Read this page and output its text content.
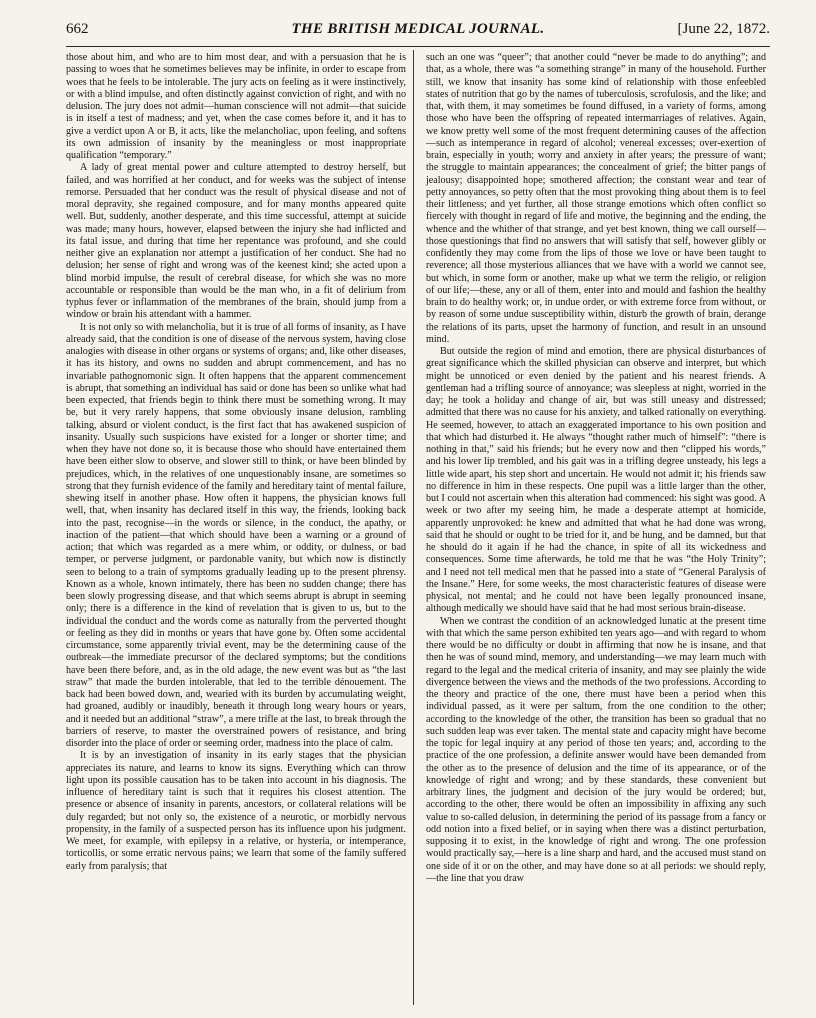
662	THE BRITISH MEDICAL JOURNAL.	[June 22, 1872.

those about him, and who are to him most dear, and with a persuasion that he is passing to woes that he sometimes believes may be infinite, in order to escape from woes that he feels to be intolerable. The jury acts on feeling as it were instinctively, or with a blind impulse, and often distinctly against conviction of right, and with no delusion. The jury does not admit—human conscience will not admit—that suicide is in itself a test of madness; and yet, when the case comes before it, and it has to give a verdict upon A or B, it acts, like the melancholiac, upon feeling, and softens its own admission of insanity by the meaningless or most inappropriate qualification “temporary.”

A lady of great mental power and culture attempted to destroy herself, but failed, and was horrified at her conduct, and for weeks was the subject of intense remorse. Persuaded that her conduct was the result of physical disease and not of moral depravity, she regained composure, and for many months appeared quite well. But, suddenly, another desperate, and this time successful, attempt at suicide was made; many hours, however, elapsed between the injury she had inflicted and its fatal issue, and during that time her repentance was profound, and she could neither give an explanation nor attempt a justification of her conduct. She had no delusion; her sense of right and wrong was of the keenest kind; she acted upon a blind morbid impulse, the result of cerebral disease, for which she was no more accountable or responsible than would be the man who, in a fit of delirium from typhus fever or inflammation of the membranes of the brain, should jump from a window or brain his attendant with a hammer.

It is not only so with melancholia, but it is true of all forms of insanity, as I have already said, that the condition is one of disease of the nervous system, having close analogies with disease in other organs or systems of organs; and, like other diseases, it has its history, and owns no sudden and abrupt commencement, and has no invariable pathognomonic sign. It often happens that the apparent commencement is abrupt, that something an individual has said or done has been so unlike what had been expected, that friends begin to think there must be something wrong. It may be, but it very rarely happens, that some obviously insane delusion, rambling talking, absurd or violent conduct, is the first fact that has awakened suspicion of insanity. Usually such suspicions have existed for a longer or shorter time; and when they have not done so, it is because those who should have entertained them have been either slow to observe, and slower still to think, or have been blinded by prejudices, which, in the relatives of one unquestionably insane, are sometimes so strong that they furnish evidence of the family and hereditary taint of mental failure, shewing itself in another phase. How often it happens, the physician knows full well, that, when insanity has declared itself in this way, the friends, looking back into the past, recognise—in the words or silence, in the conduct, the apathy, or inaction of the patient—that which should have been a warning or a ground of action; that which was regarded as a mere whim, or oddity, or dulness, or bad temper, or perverse judgment, or pardonable vanity, but which now is distinctly seen to belong to a train of symptoms gradually leading up to the present phrensy. Known as a whole, known intimately, there has been no sudden change; there has been slowly progressing disease, and that which seems abrupt is abrupt in seeming only; there is a difference in the kind of revelation that is given to us, but to the individual the conduct and the words come as naturally from the perverted thought or feeling as they did in months or years that have gone by. Often some accidental circumstance, some apparently trivial event, may be the determining cause of the outbreak—the immediate precursor of the declared symptoms; but the conditions have been there before, and, as in the old adage, the new event was but as “the last straw” that made the burden intolerable, that led to the terrible dénouement. The back had been bowed down, and, wearied with its burden by accumulating weight, had groaned, audibly or inaudibly, beneath it through long weary hours or years, and it needed but an additional “straw”, a mere trifle at the last, to break through the barriers of reserve, to master the overstrained powers of resistance, and bring disorder into the place of order or seeming order, madness into the place of calm.

It is by an investigation of insanity in its early stages that the physician appreciates its nature, and learns to know its signs. Everything which can throw light upon its possible causation has to be taken into account in his diagnosis. The influence of hereditary taint is such that it requires his closest attention. The presence or absence of insanity in parents, ancestors, or collateral relations will be duly regarded; but not only so, the existence of a neurotic, or morbidly nervous propensity, in the family of a suspected person has its influence upon his judgment. We meet, for example, with epilepsy in a relative, or hysteria, or intemperance, torticollis, or some erratic nervous pains; we learn that some of the family suffered early from paralysis; that

such an one was “queer”; that another could “never be made to do anything”; and that, as a whole, there was “a something strange” in many of the household. Further still, we know that insanity has some kind of relationship with those enfeebled states of nutrition that go by the names of tuberculosis, scrofulosis, and the like; and that, with them, it may sometimes be found diffused, in a variety of forms, among those who have been the offspring of repeated intermarriages of relatives. Again, we know pretty well some of the most frequent determining causes of the affection—such as intemperance in regard of alcohol; venereal excesses; over-exertion of brain, especially in youth; worry and anxiety in after years; the pressure of want; the struggle to maintain appearances; the concealment of grief; the bitter pangs of jealousy; disappointed hope; smothered affection; the constant wear and tear of petty annoyances, so petty often that the most provoking thing about them is to feel their littleness; and yet further, all those strange emotions which often conflict so fiercely with thought in regard of life and motive, the beginning and the ending, the whence and the whither of that strange, and yet best known, thing we call ourself—those questionings that find no answers that will satisfy that self, however glibly or confidently they may come from the lips of those we love or have been taught to reverence; all those mysterious alliances that we have with a world we cannot see, but which, in some form or another, make up what we term the religio, or religion of our life;—these, any or all of them, enter into and mould and fashion the healthy brain to do healthy work; or, in undue order, or with extreme force from without, or by reason of some undue susceptibility within, disturb the growth of brain, derange the relations of its parts, upset the harmony of function, and result in an unsound mind.

But outside the region of mind and emotion, there are physical disturbances of great significance which the skilled physician can observe and interpret, but which might be unnoticed or even denied by the patient and his nearest friends. A gentleman had a trifling source of annoyance; was sleepless at night, worried in the day; he took a holiday and change of air, but was still uneasy and distressed; admitted that there was no cause for his anxiety, and talked rationally on everything. He seemed, however, to attach an exaggerated importance to his own position and that which had disturbed it. He always “thought rather much of himself”: “there is nothing in that,” said his friends; but he every now and then “clipped his words,” and his lower lip trembled, and his gait was in a trifling degree unsteady, his legs a little wide apart, his step short and uncertain. He would not admit it; his friends saw no difference in him in these respects. One pupil was a little larger than the other, but I could not ascertain when this alteration had commenced: his sight was good. A week or two after my seeing him, he made a desperate attempt at homicide, apparently unprovoked: he knew and admitted that what he had done was wrong, said that he should or ought to be tried for it, and be hung, and be damned, but that he should do it again if he had the chance, in spite of all its wickedness and consequences. Some time afterwards, he told me that he was “the Holy Trinity”; and I need not tell medical men that he passed into a state of “General Paralysis of the Insane.” Here, for some weeks, the most characteristic features of disease were physical, not mental; and he could not have been legally pronounced insane, although medically we should have said that he had most serious brain-disease.

When we contrast the condition of an acknowledged lunatic at the present time with that which the same person exhibited ten years ago—and with regard to whom there would be no difficulty or doubt in affirming that now he is insane, and that then he was of sound mind, memory, and understanding—we may learn much with regard to the legal and the medical criteria of insanity, and may see plainly the wide divergence between the views and the methods of the two professions. According to the theory and practice of the one, there must have been a period when this individual passed, as it were per saltum, from the one condition to the other; according to the knowledge of the other, the transition has been so gradual that no such sudden leap was ever taken. The mental state and capacity might have become the topic for legal inquiry at any period of those ten years; and, according to the practice of the one profession, a definite answer would have been demanded from the other as to the presence of delusion and the time of its appearance, or of the knowledge of right and wrong; and by these standards, these convenient but arbitrary lines, the judgment and decision of the jury would be ordered; but, according to the other, there would be often an impossibility in affixing any such value to so-called delusion, in determining the period of its passage from a fancy or odd notion into a fixed belief, or in saying when there was a distinct perturbation, supposing it to exist, in the knowledge of right and wrong. The one profession would practically say,—here is a line sharp and hard, and the accused must stand on one side of it or on the other, and may have done so at all periods: we should reply,—the line that you draw
